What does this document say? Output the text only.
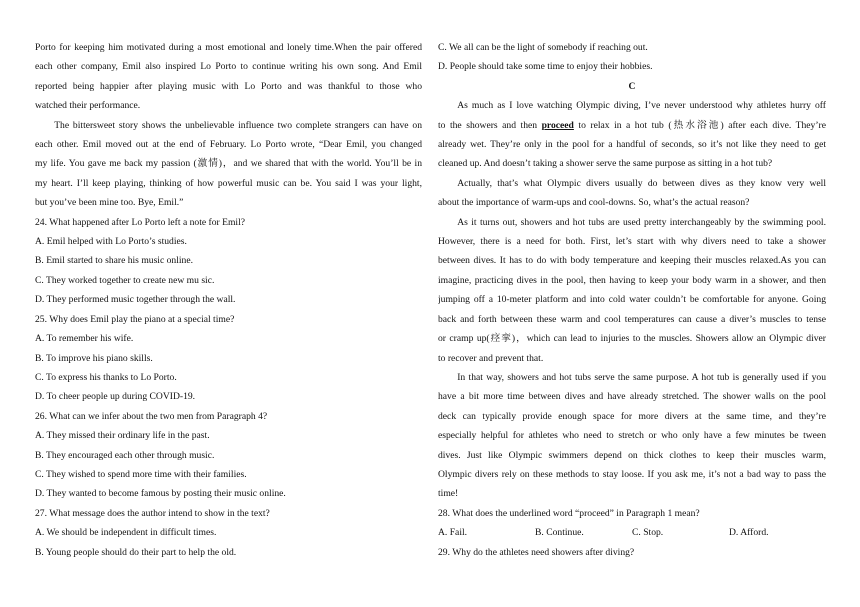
Porto for keeping him motivated during a most emotional and lonely time.When the pair offered
each other company, Emil also inspired Lo Porto to continue writing his own song. And Emil
reported being happier after playing music with Lo Porto and was thankful to those who
watched their performance.
The bittersweet story shows the unbelievable influence two complete strangers can have on
each other. Emil moved out at the end of February. Lo Porto wrote, “Dear Emil, you changed
my life. You gave me back my passion (激情)，and we shared that with the world. You’ll be in
my heart. I’ll keep playing, thinking of how powerful music can be. You said I was your light,
but you’ve been mine too. Bye, Emil.”
24. What happened after Lo Porto left a note for Emil?
A. Emil helped with Lo Porto’s studies.
B. Emil started to share his music online.
C. They worked together to create new mu sic.
D. They performed music together through the wall.
25. Why does Emil play the piano at a special time?
A. To remember his wife.
B. To improve his piano skills.
C. To express his thanks to Lo Porto.
D. To cheer people up during COVID-19.
26. What can we infer about the two men from Paragraph 4?
A. They missed their ordinary life in the past.
B. They encouraged each other through music.
C. They wished to spend more time with their families.
D. They wanted to become famous by posting their music online.
27. What message does the author intend to show in the text?
A. We should be independent in difficult times.
B. Young people should do their part to help the old.
C. We all can be the light of somebody if reaching out.
D. People should take some time to enjoy their hobbies.
C
As much as I love watching Olympic diving, I’ve never understood why athletes hurry off
to the showers and then proceed to relax in a hot tub (热水浴池) after each dive. They’re
already wet. They’re only in the pool for a handful of seconds, so it’s not like they need to get
cleaned up. And doesn’t taking a shower serve the same purpose as sitting in a hot tub?
Actually, that’s what Olympic divers usually do between dives as they know very well
about the importance of warm-ups and cool-downs. So, what’s the actual reason?
As it turns out, showers and hot tubs are used pretty interchangeably by the swimming pool.
However, there is a need for both. First, let’s start with why divers need to take a shower
between dives. It has to do with body temperature and keeping their muscles relaxed.As you can
imagine, practicing dives in the pool, then having to keep your body warm in a shower, and then
jumping off a 10-meter platform and into cold water couldn’t be comfortable for anyone. Going
back and forth between these warm and cool temperatures can cause a diver’s muscles to tense
or cramp up(痉挛)，which can lead to injuries to the muscles. Showers allow an Olympic diver
to recover and prevent that.
In that way, showers and hot tubs serve the same purpose. A hot tub is generally used if you
have a bit more time between dives and have already stretched. The shower walls on the pool
deck can typically provide enough space for more divers at the same time, and they’re
especially helpful for athletes who need to stretch or who only have a few minutes be tween
dives. Just like Olympic swimmers depend on thick clothes to keep their muscles warm,
Olympic divers rely on these methods to stay loose. If you ask me, it’s not a bad way to pass the
time!
28. What does the underlined word “proceed” in Paragraph 1 mean?
A. Fail.	B. Continue.	C. Stop.	D. Afford.
29. Why do the athletes need showers after diving?
